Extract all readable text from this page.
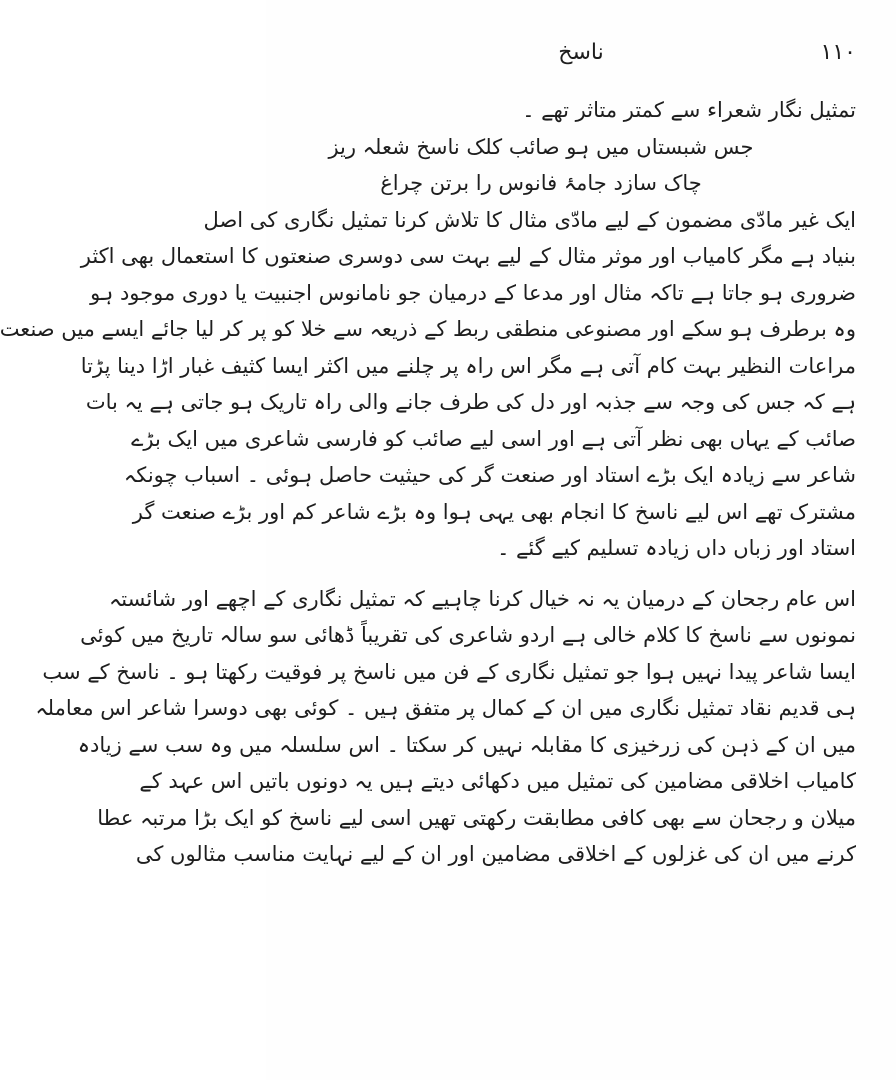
۱۱۰
ناسخ
تمثیل نگار شعراء سے کمتر متاثر تھے ۔
جس شبستاں میں ہو صائب کلک ناسخ شعلہ ریز
چاک سازد جامۂ فانوس را برتن چراغ
ایک غیر مادّی مضمون کے لیے مادّی مثال کا تلاش کرنا تمثیل نگاری کی اصل
بنیاد ہے مگر کامیاب اور موثر مثال کے لیے بہت سی دوسری صنعتوں کا استعمال بھی اکثر
ضروری ہو جاتا ہے تاکہ مثال اور مدعا کے درمیان جو نامانوس اجنبیت یا دوری موجود ہو
وہ برطرف ہو سکے اور مصنوعی منطقی ربط کے ذریعہ سے خلا کو پر کر لیا جائے ایسے میں صنعت
مراعات النظیر بہت کام آتی ہے مگر اس راہ پر چلنے میں اکثر ایسا کثیف غبار اڑا دینا پڑتا
ہے کہ جس کی وجہ سے جذبہ اور دل کی طرف جانے والی راہ تاریک ہو جاتی ہے یہ بات
صائب کے یہاں بھی نظر آتی ہے اور اسی لیے صائب کو فارسی شاعری میں ایک بڑے
شاعر سے زیادہ ایک بڑے استاد اور صنعت گر کی حیثیت حاصل ہوئی ۔ اسباب چونکہ
مشترک تھے اس لیے ناسخ کا انجام بھی یہی ہوا وہ بڑے شاعر کم اور بڑے صنعت گر
استاد اور زباں داں زیادہ تسلیم کیے گئے ۔
اس عام رجحان کے درمیان یہ نہ خیال کرنا چاہیے کہ تمثیل نگاری کے اچھے اور شائستہ
نمونوں سے ناسخ کا کلام خالی ہے اردو شاعری کی تقریباً ڈھائی سو سالہ تاریخ میں کوئی
ایسا شاعر پیدا نہیں ہوا جو تمثیل نگاری کے فن میں ناسخ پر فوقیت رکھتا ہو ۔ ناسخ کے سب
ہی قدیم نقاد تمثیل نگاری میں ان کے کمال پر متفق ہیں ۔ کوئی بھی دوسرا شاعر اس معاملہ
میں ان کے ذہن کی زرخیزی کا مقابلہ نہیں کر سکتا ۔ اس سلسلہ میں وہ سب سے زیادہ
کامیاب اخلاقی مضامین کی تمثیل میں دکھائی دیتے ہیں یہ دونوں باتیں اس عہد کے
میلان و رجحان سے بھی کافی مطابقت رکھتی تھیں اسی لیے ناسخ کو ایک بڑا مرتبہ عطا
کرنے میں ان کی غزلوں کے اخلاقی مضامین اور ان کے لیے نہایت مناسب مثالوں کی
